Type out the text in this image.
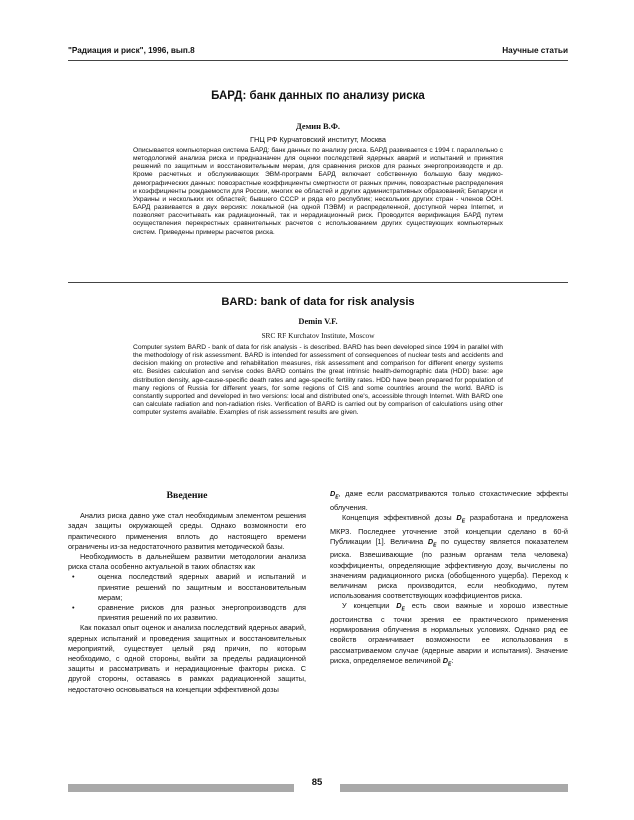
"Радиация и риск", 1996, вып.8	Научные статьи
БАРД: банк данных по анализу риска
Демин В.Ф.
ГНЦ РФ Курчатовский институт, Москва

Описывается компьютерная система БАРД: банк данных по анализу риска. БАРД развивается с 1994 г. параллельно с методологией анализа риска и предназначен для оценки последствий ядерных аварий и испытаний и принятия решений по защитным и восстановительным мерам, для сравнения рисков для разных энергопроизводств и др. Кроме расчетных и обслуживающих ЭВМ-программ БАРД включает собственную большую базу медико-демографических данных: повозрастные коэффициенты смертности от разных причин, повозрастные распределения и коэффициенты рождаемости для России, многих ее областей и других административных образований; Беларуси и Украины и нескольких их областей; бывшего СССР и ряда его республик; нескольких других стран - членов ООН. БАРД развивается в двух версиях: локальной (на одной ПЭВМ) и распределенной, доступной через Internet, и позволяет рассчитывать как радиационный, так и нерадиационный риск. Проводится верификация БАРД путем осуществления перекрестных сравнительных расчетов с использованием других существующих компьютерных систем. Приведены примеры расчетов риска.

BARD: bank of data for risk analysis
Demin V.F.
SRC RF Kurchatov Institute, Moscow

Computer system BARD - bank of data for risk analysis - is described. BARD has been developed since 1994 in parallel with the methodology of risk assessment. BARD is intended for assessment of consequences of nuclear tests and accidents and decision making on protective and rehabilitation measures, risk assessment and comparison for different energy systems etc. Besides calculation and servise codes BARD contains the great intrinsic health-demographic data (HDD) base: age distribution density, age-cause-specific death rates and age-specific fertility rates. HDD have been prepared for population of many regions of Russia for different years, for some regions of CIS and some countries around the world. BARD is constantly supported and developed in two versions: local and distributed one's, accessible through Internet. With BARD one can calculate radiation and non-radiation risks. Verification of BARD is carried out by comparison of calculations using other computer systems available. Examples of risk assessment results are given.

Введение

Анализ риска давно уже стал необходимым элементом решения задач защиты окружающей среды. Однако возможности его практического применения вплоть до настоящего времени ограничены из-за недостаточного развития методической базы.

Необходимость в дальнейшем развитии методологии анализа риска стала особенно актуальной в таких областях как

•	оценка последствий ядерных аварий и испытаний и принятие решений по защитным и восстановительным мерам;
•	сравнение рисков для разных энергопроизводств для принятия решений по их развитию.

Как показал опыт оценок и анализа последствий ядерных аварий, ядерных испытаний и проведения защитных и восстановительных мероприятий, существует целый ряд причин, по которым необходимо, с одной стороны, выйти за пределы радиационной защиты и рассматривать и нерадиационные факторы риска. С другой стороны, оставаясь в рамках радиационной защиты, недостаточно основываться на концепции эффективной дозы

$D_E$, даже если рассматриваются только стохастические эффекты облучения.

Концепция эффективной дозы $D_E$ разработана и предложена МКРЗ. Последнее уточнение этой концепции сделано в 60-й Публикации [1]. Величина $D_E$ по существу является показателем риска. Взвешивающие (по разным органам тела человека) коэффициенты, определяющие эффективную дозу, вычислены по значениям радиационного риска (обобщенного ущерба). Переход к величинам риска производится, если необходимо, путем использования соответствующих коэффициентов риска.

У концепции $D_E$ есть свои важные и хорошо известные достоинства с точки зрения ее практического применения нормирования облучения в нормальных условиях. Однако ряд ее свойств ограничивает возможности ее использования в рассматриваемом случае (ядерные аварии и испытания). Значение риска, определяемое величиной $D_E$:

85
